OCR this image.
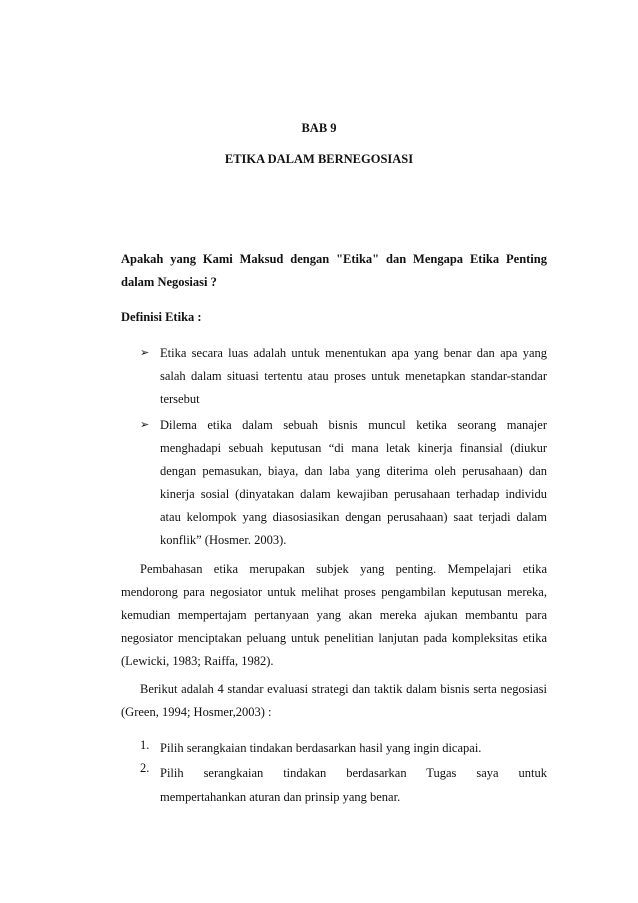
BAB 9
ETIKA DALAM BERNEGOSIASI
Apakah yang Kami Maksud dengan "Etika" dan Mengapa Etika Penting dalam Negosiasi ?
Definisi Etika :
➢ Etika secara luas adalah untuk menentukan apa yang benar dan apa yang salah dalam situasi tertentu atau proses untuk menetapkan standar-standar tersebut
➢ Dilema etika dalam sebuah bisnis muncul ketika seorang manajer menghadapi sebuah keputusan “di mana letak kinerja finansial (diukur dengan pemasukan, biaya, dan laba yang diterima oleh perusahaan) dan kinerja sosial (dinyatakan dalam kewajiban perusahaan terhadap individu atau kelompok yang diasosiasikan dengan perusahaan) saat terjadi dalam konflik” (Hosmer. 2003).
Pembahasan etika merupakan subjek yang penting. Mempelajari etika mendorong para negosiator untuk melihat proses pengambilan keputusan mereka, kemudian mempertajam pertanyaan yang akan mereka ajukan membantu para negosiator menciptakan peluang untuk penelitian lanjutan pada kompleksitas etika (Lewicki, 1983; Raiffa, 1982).
Berikut adalah 4 standar evaluasi strategi dan taktik dalam bisnis serta negosiasi (Green, 1994; Hosmer,2003) :
1. Pilih serangkaian tindakan berdasarkan hasil yang ingin dicapai.
2. Pilih serangkaian tindakan berdasarkan Tugas saya untuk
mempertahankan aturan dan prinsip yang benar.
